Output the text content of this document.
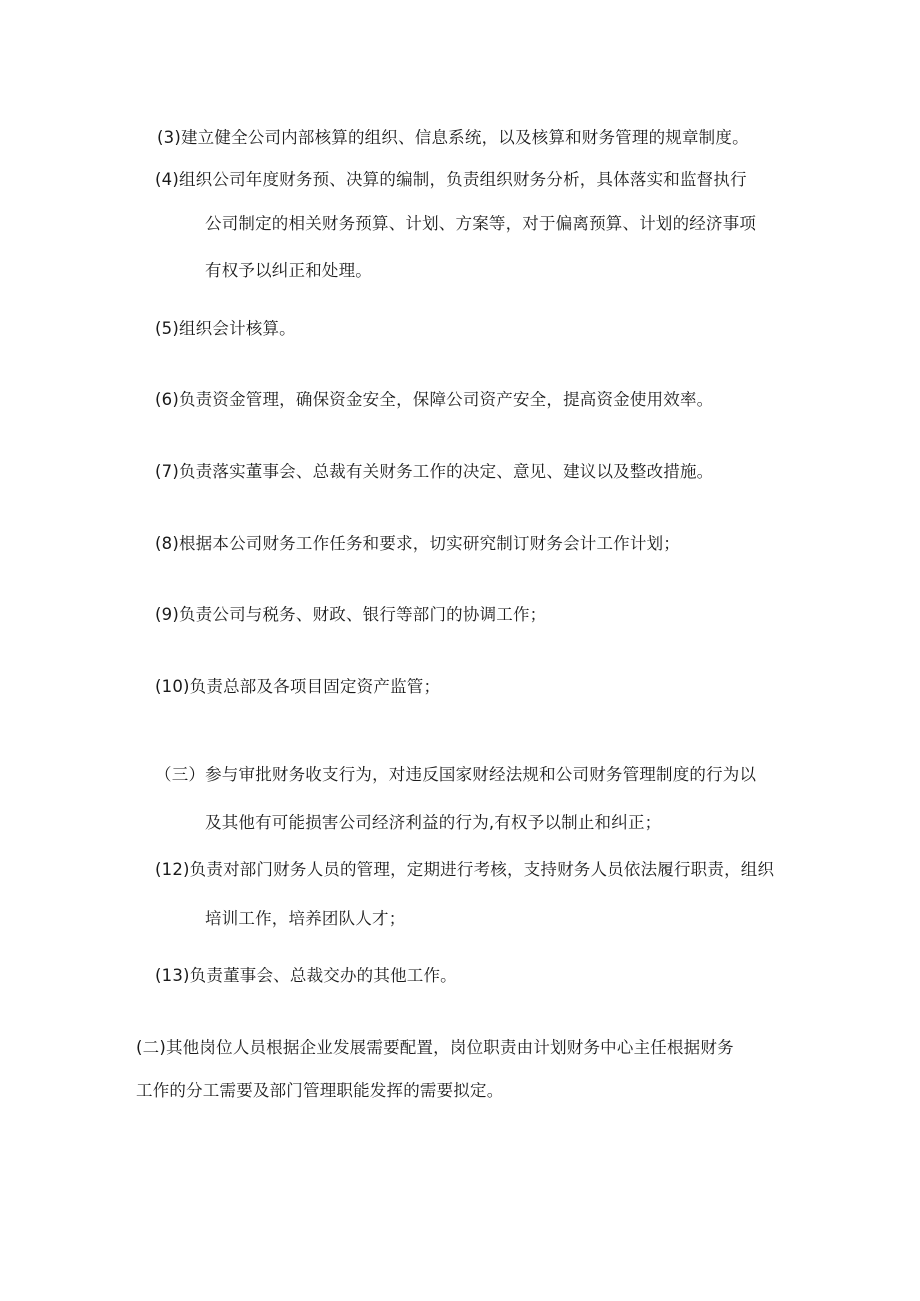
(3)建立健全公司内部核算的组织、信息系统，以及核算和财务管理的规章制度。
(4)组织公司年度财务预、决算的编制，负责组织财务分析，具体落实和监督执行
公司制定的相关财务预算、计划、方案等，对于偏离预算、计划的经济事项
有权予以纠正和处理。
(5)组织会计核算。
(6)负责资金管理，确保资金安全，保障公司资产安全，提高资金使用效率。
(7)负责落实董事会、总裁有关财务工作的决定、意见、建议以及整改措施。
(8)根据本公司财务工作任务和要求，切实研究制订财务会计工作计划；
(9)负责公司与税务、财政、银行等部门的协调工作；
(10)负责总部及各项目固定资产监管；
（三）参与审批财务收支行为，对违反国家财经法规和公司财务管理制度的行为以
及其他有可能损害公司经济利益的行为,有权予以制止和纠正；
(12)负责对部门财务人员的管理，定期进行考核，支持财务人员依法履行职责，组织
培训工作，培养团队人才；
(13)负责董事会、总裁交办的其他工作。
(二)其他岗位人员根据企业发展需要配置，岗位职责由计划财务中心主任根据财务
工作的分工需要及部门管理职能发挥的需要拟定。
